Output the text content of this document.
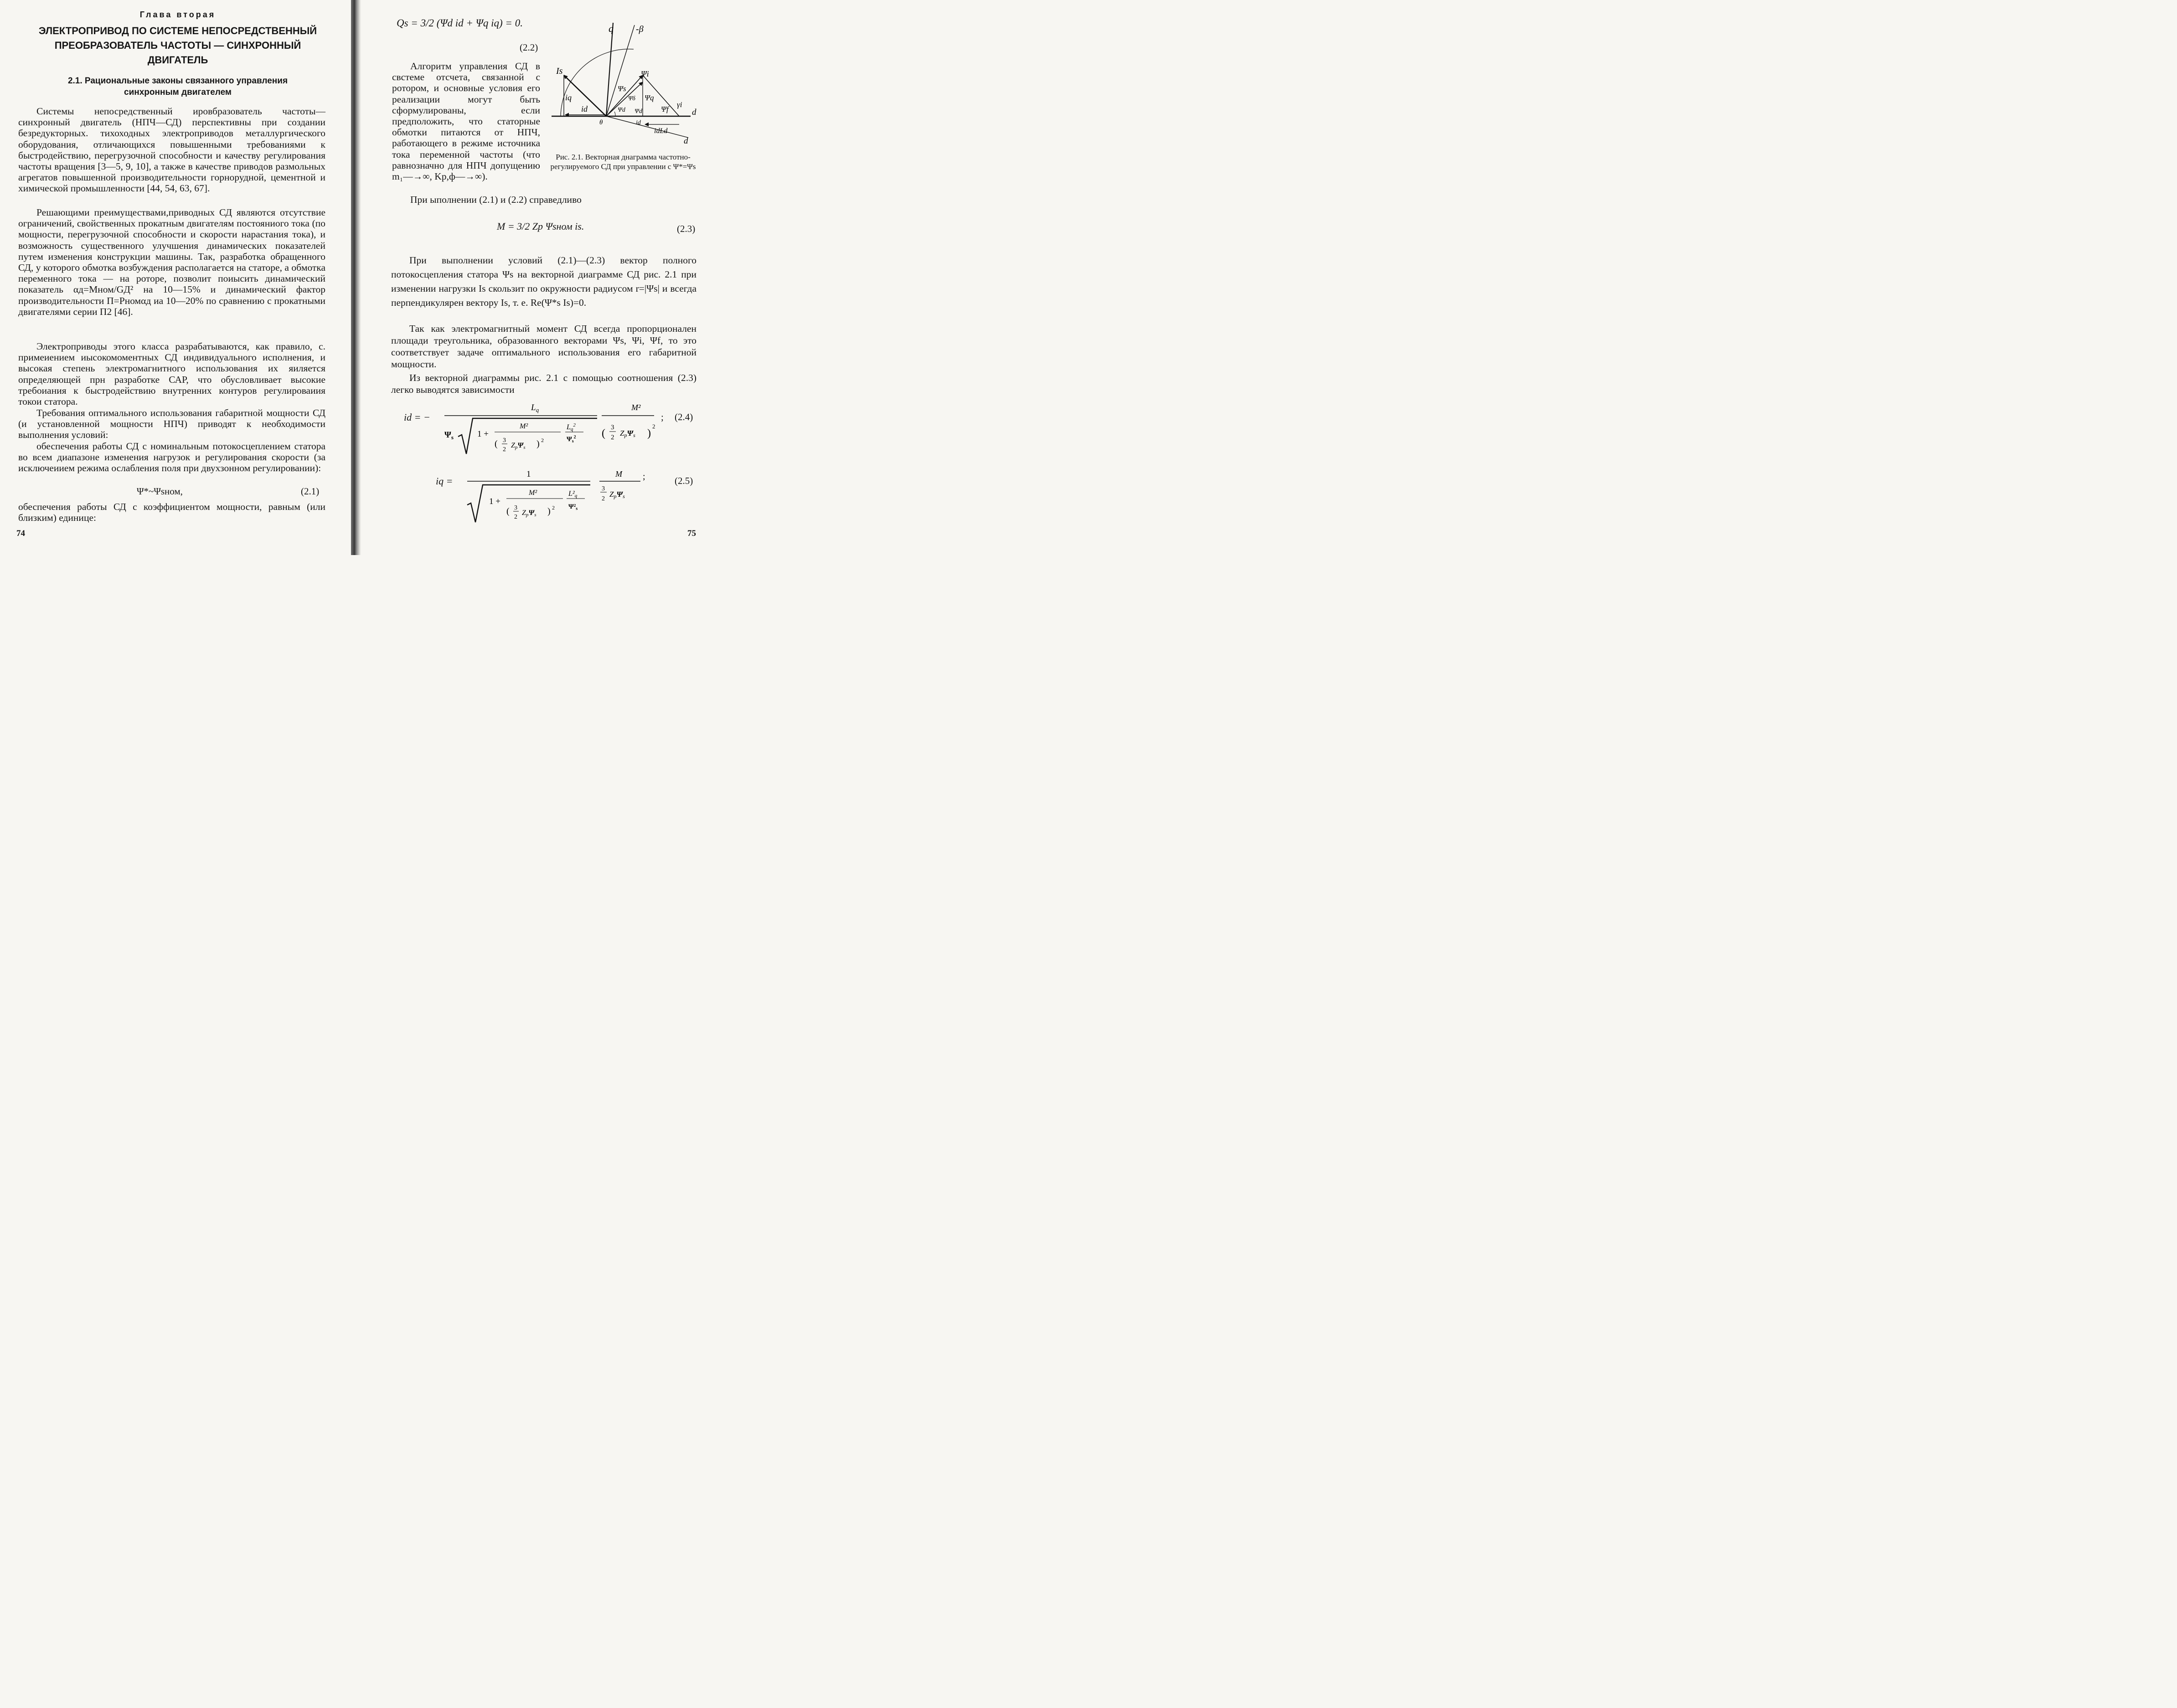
Глава вторая
ЭЛЕКТРОПРИВОД ПО СИСТЕМЕ НЕПОСРЕДСТВЕННЫЙ
ПРЕОБРАЗОВАТЕЛЬ ЧАСТОТЫ — СИНХРОННЫЙ
ДВИГАТЕЛЬ
2.1. Рациональные законы связанного управления
синхронным двигателем
Системы непосредственный ировбразователь частоты— синхронный двигатель (НПЧ—СД) перспективны при создании безредукторных. тихоходных электроприводов металлургического оборудования, отличающихся повышенными требованиями к быстродействию, перегрузочной способности и качеству регулирования частоты вращения [3—5, 9, 10], а также в качестве приводов размольных агрегатов повышенной производительности горнорудной, цементной и химической промышленности [44, 54, 63, 67].
Решающими преимуществами,приводных СД являются отсутствие ограничений, свойственных прокатным двигателям постояниого тока (по мощности, перегрузочной способности и скорости нарастания тока), и возможность существенного улучшения динамических показателей путем изменения конструкции машины. Так, разработка обращенного СД, у которого обмотка возбуждения располагается на статоре, а обмотка переменного тока — на роторе, позволит поиысить динамический показатель αд=Mном/GД² на 10—15% и динамический фактор производительности П=Pномαд иа 10—20% по сравнению с прокатными двигателями серии П2 [46].
Электроприводы этого класса разрабатываются, как правило, с. примеиением иысокомоментных СД индивидуального исполнения, и высокая степень электромагнитного использования их яиляется определяющей прн разработке САР, что обусловливает высокие требоиания к быстродействию внутренних контуров регулироваиия токои статора.
Требования оптимального использования габаритной мощности СД (и установленной мощности НПЧ) приводят к необходимости выполнения условий:
обеспечения работы СД с номинальным потокосцеплением статора во всем диапазоне изменения нагрузок и регулирования скорости (за исключеиием режима ослабления поля при двухзонном регулировании):
Ψ*~Ψsном,	(2.1)
обеспечения работы СД с коэффициентом мощности, равным (или близким) единице:
74
Qs = 3/2 (Ψd id + Ψq iq) = 0.
(2.2)
Алгоритм управления СД в свстеме отсчета, связанной с ротором, и основные условия его реализации могут быть сформулированы, если предположить, что статорные обмотки питаются от НПЧ, работающего в режиме источника тока переменной частоты (что равнозначно для НПЧ допущению m₁—→∞, Kр,ф—→∞).
q -β
Is	Ψi
Ψs
Ψδ Ψq
Ψd Ψd Ψf
iq
id	γi
d
d
θ
idLd
id
Рис. 2.1. Векторная днаграмма частотно-регулируемого СД при управлении с Ψ*=Ψs
При ыполнении (2.1) и (2.2) справедливо
M = 3/2 Zp Ψsном is.	(2.3)
При выполнении условий (2.1)—(2.3) вектор полного потокосцепления статора Ψs на векторной диаграмме СД рис. 2.1 при изменении нагрузки Is скользит по окружности радиусом r=|Ψs| и всегда перпендикулярен вектору Is, т. е. Re(Ψ*s Is)=0.
Так как электромагнитный момент СД всегда пропорционален площади треугольника, образованного векторами Ψs, Ψi, Ψf, то это соответствует задаче оптимального использования его габаритной мощности.
Из векторной диаграммы рис. 2.1 с помощью соотношения (2.3) легко выводятся зависимости
id = −
$L_q$
$\Psi_s$	1 +
M²
( 3
2
ZpΨs ) 2
Lq$^2$
$\Psi_s^2$
M²
( 3
2 ZpΨs )
2
; (2.4)
iq =
1
1 +
M²
( 3
2
ZpΨs ) 2
L²q
$\Psi^2_s$
M
3
2
ZpΨs
;	(2.5)
75
